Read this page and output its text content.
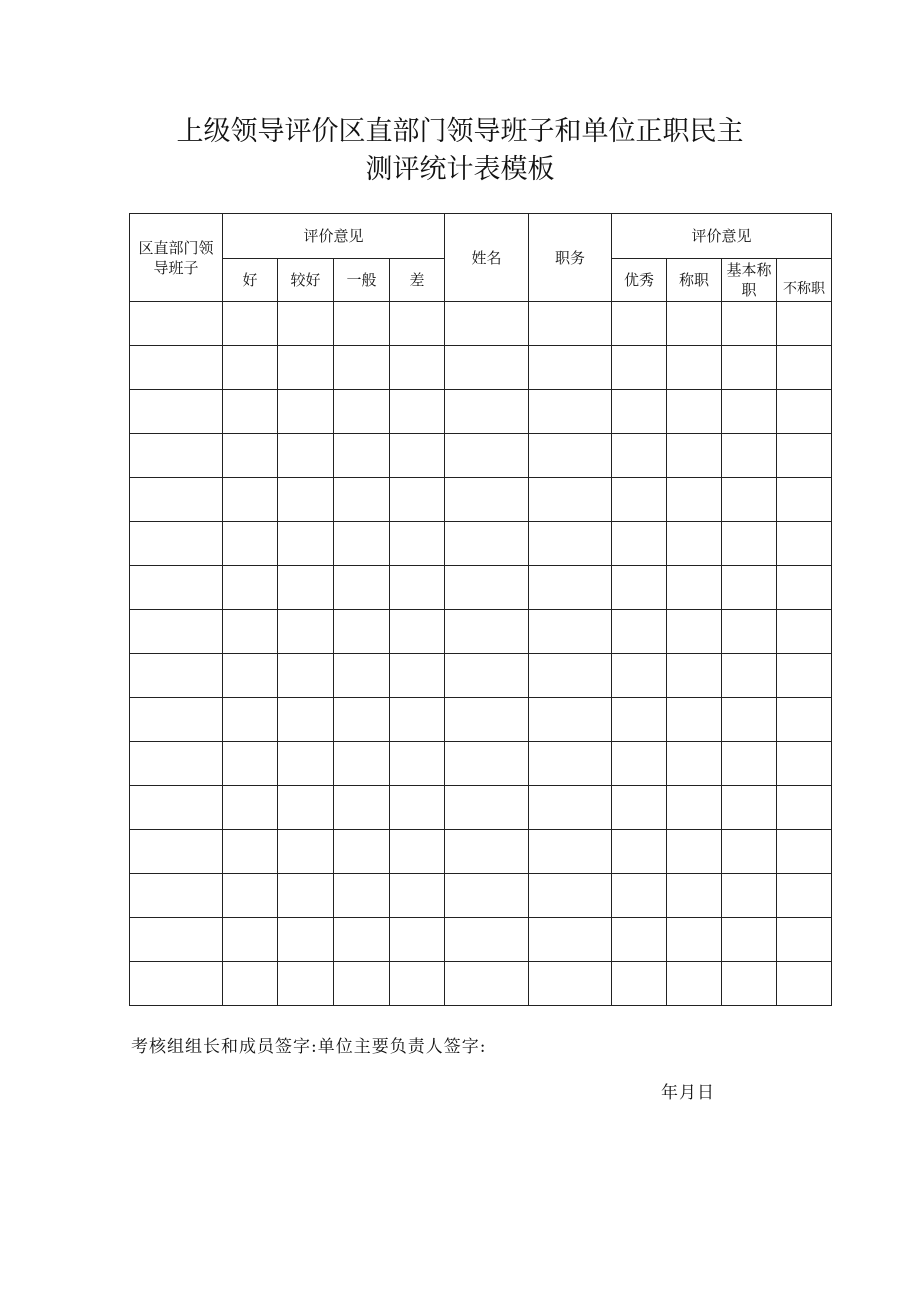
上级领导评价区直部门领导班子和单位正职民主
测评统计表模板
区直部门领导班子	评价意见				姓名	职务	评价意见			
	好	较好	一般	差			优秀	称职	基本称职	不称职

考核组组长和成员签字:单位主要负责人签字:
年月日
